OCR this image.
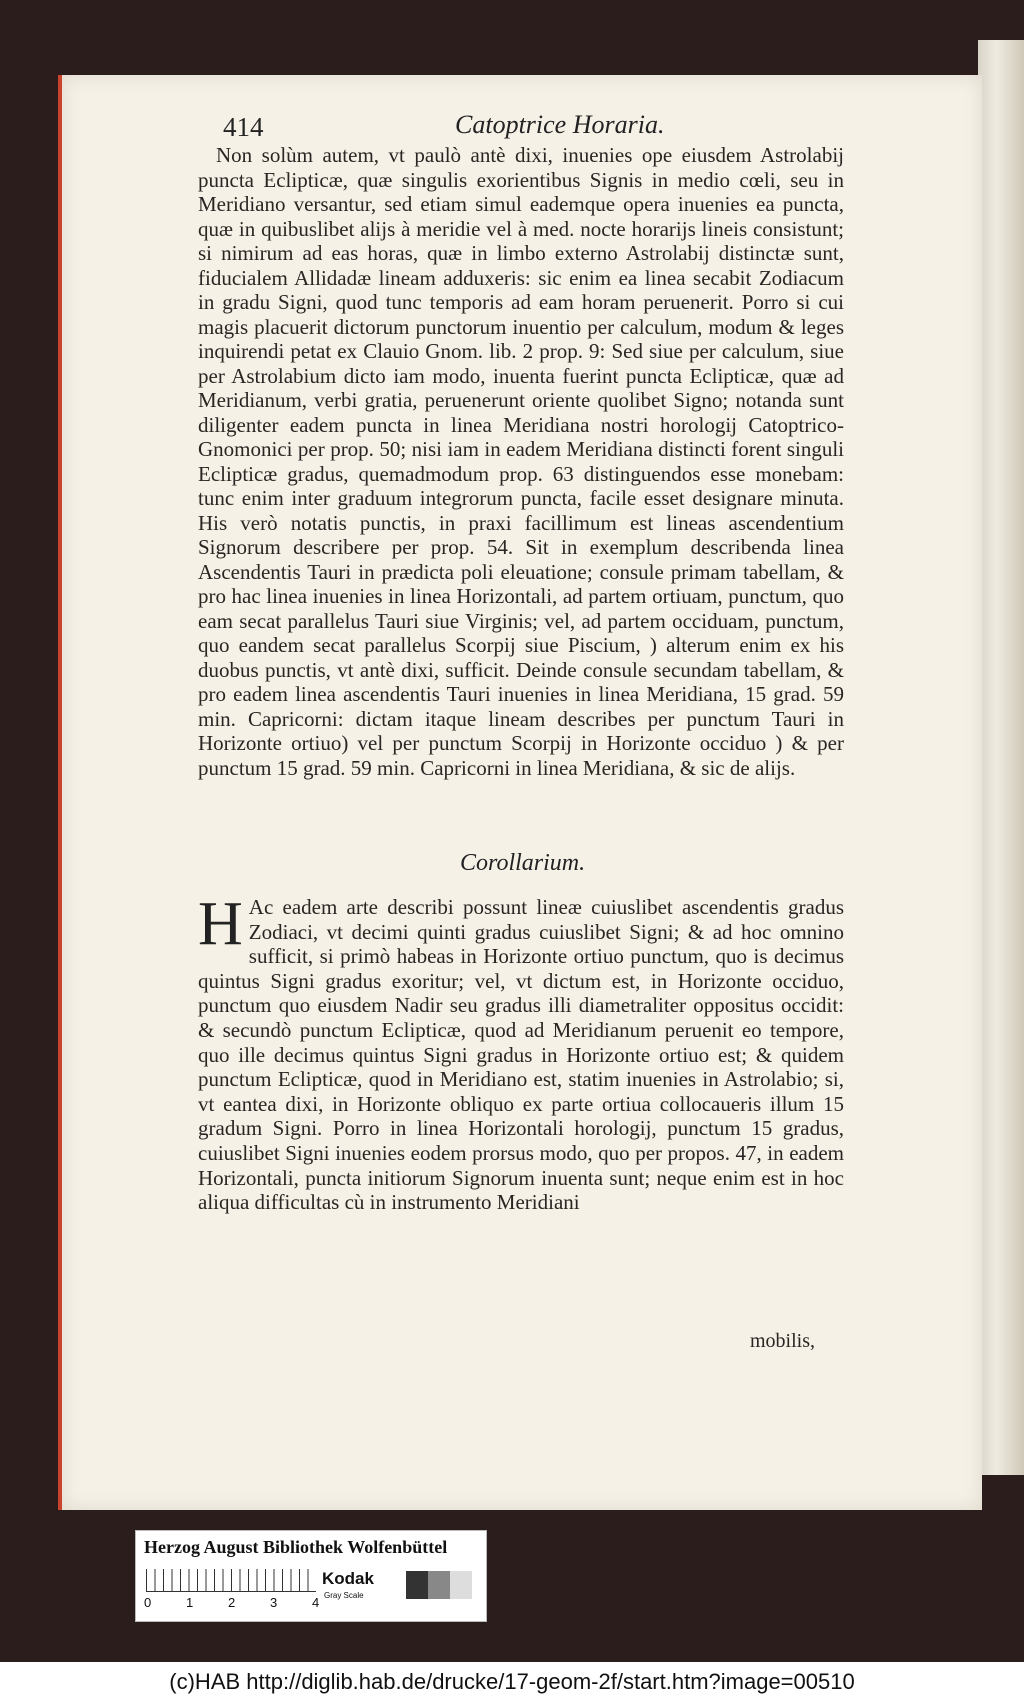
414	Catoptrice Horaria.

Non solùm autem, vt paulò antè dixi, inuenies ope eiusdem Astrolabij puncta Eclipticæ, quæ singulis exorientibus Signis in medio cœli, seu in Meridiano versantur, sed etiam simul eademque opera inuenies ea puncta, quæ in quibuslibet alijs à meridie vel à med. nocte horarijs lineis consistunt; si nimirum ad eas horas, quæ in limbo externo Astrolabij distinctæ sunt, fiducialem Allidadæ lineam adduxeris: sic enim ea linea secabit Zodiacum in gradu Signi, quod tunc temporis ad eam horam peruenerit. Porro si cui magis placuerit dictorum punctorum inuentio per calculum, modum & leges inquirendi petat ex Clauio Gnom. lib. 2 prop. 9: Sed siue per calculum, siue per Astrolabium dicto iam modo, inuenta fuerint puncta Eclipticæ, quæ ad Meridianum, verbi gratia, peruenerunt oriente quolibet Signo; notanda sunt diligenter eadem puncta in linea Meridiana nostri horologij Catoptrico-Gnomonici per prop. 50; nisi iam in eadem Meridiana distincti forent singuli Eclipticæ gradus, quemadmodum prop. 63 distinguendos esse monebam: tunc enim inter graduum integrorum puncta, facile esset designare minuta. His verò notatis punctis, in praxi facillimum est lineas ascendentium Signorum describere per prop. 54. Sit in exemplum describenda linea Ascendentis Tauri in prædicta poli eleuatione; consule primam tabellam, & pro hac linea inuenies in linea Horizontali, ad partem ortiuam, punctum, quo eam secat parallelus Tauri siue Virginis; vel, ad partem occiduam, punctum, quo eandem secat parallelus Scorpij siue Piscium, ) alterum enim ex his duobus punctis, vt antè dixi, sufficit. Deinde consule secundam tabellam, & pro eadem linea ascendentis Tauri inuenies in linea Meridiana, 15 grad. 59 min. Capricorni: dictam itaque lineam describes per punctum Tauri in Horizonte ortiuo) vel per punctum Scorpij in Horizonte occiduo ) & per punctum 15 grad. 59 min. Capricorni in linea Meridiana, & sic de alijs.

Corollarium.
H Ac eadem arte describi possunt lineæ cuiuslibet ascendentis gradus Zodiaci, vt decimi quinti gradus cuiuslibet Signi; & ad hoc omnino sufficit, si primò habeas in Horizonte ortiuo punctum, quo is decimus quintus Signi gradus exoritur; vel, vt dictum est, in Horizonte occiduo, punctum quo eiusdem Nadir seu gradus illi diametraliter oppositus occidit: & secundò punctum Eclipticæ, quod ad Meridianum peruenit eo tempore, quo ille decimus quintus Signi gradus in Horizonte ortiuo est; & quidem punctum Eclipticæ, quod in Meridiano est, statim inuenies in Astrolabio; si, vt eantea dixi, in Horizonte obliquo ex parte ortiua collocaueris illum 15 gradum Signi. Porro in linea Horizontali horologij, punctum 15 gradus, cuiuslibet Signi inuenies eodem prorsus modo, quo per propos. 47, in eadem Horizontali, puncta initiorum Signorum inuenta sunt; neque enim est in hoc aliqua difficultas cù in instrumento Meridiani

mobilis,
Herzog August Bibliothek Wolfenbüttel
0	1	2	3	4
Kodak
Gray Scale
(c)HAB http://diglib.hab.de/drucke/17-geom-2f/start.htm?image=00510
